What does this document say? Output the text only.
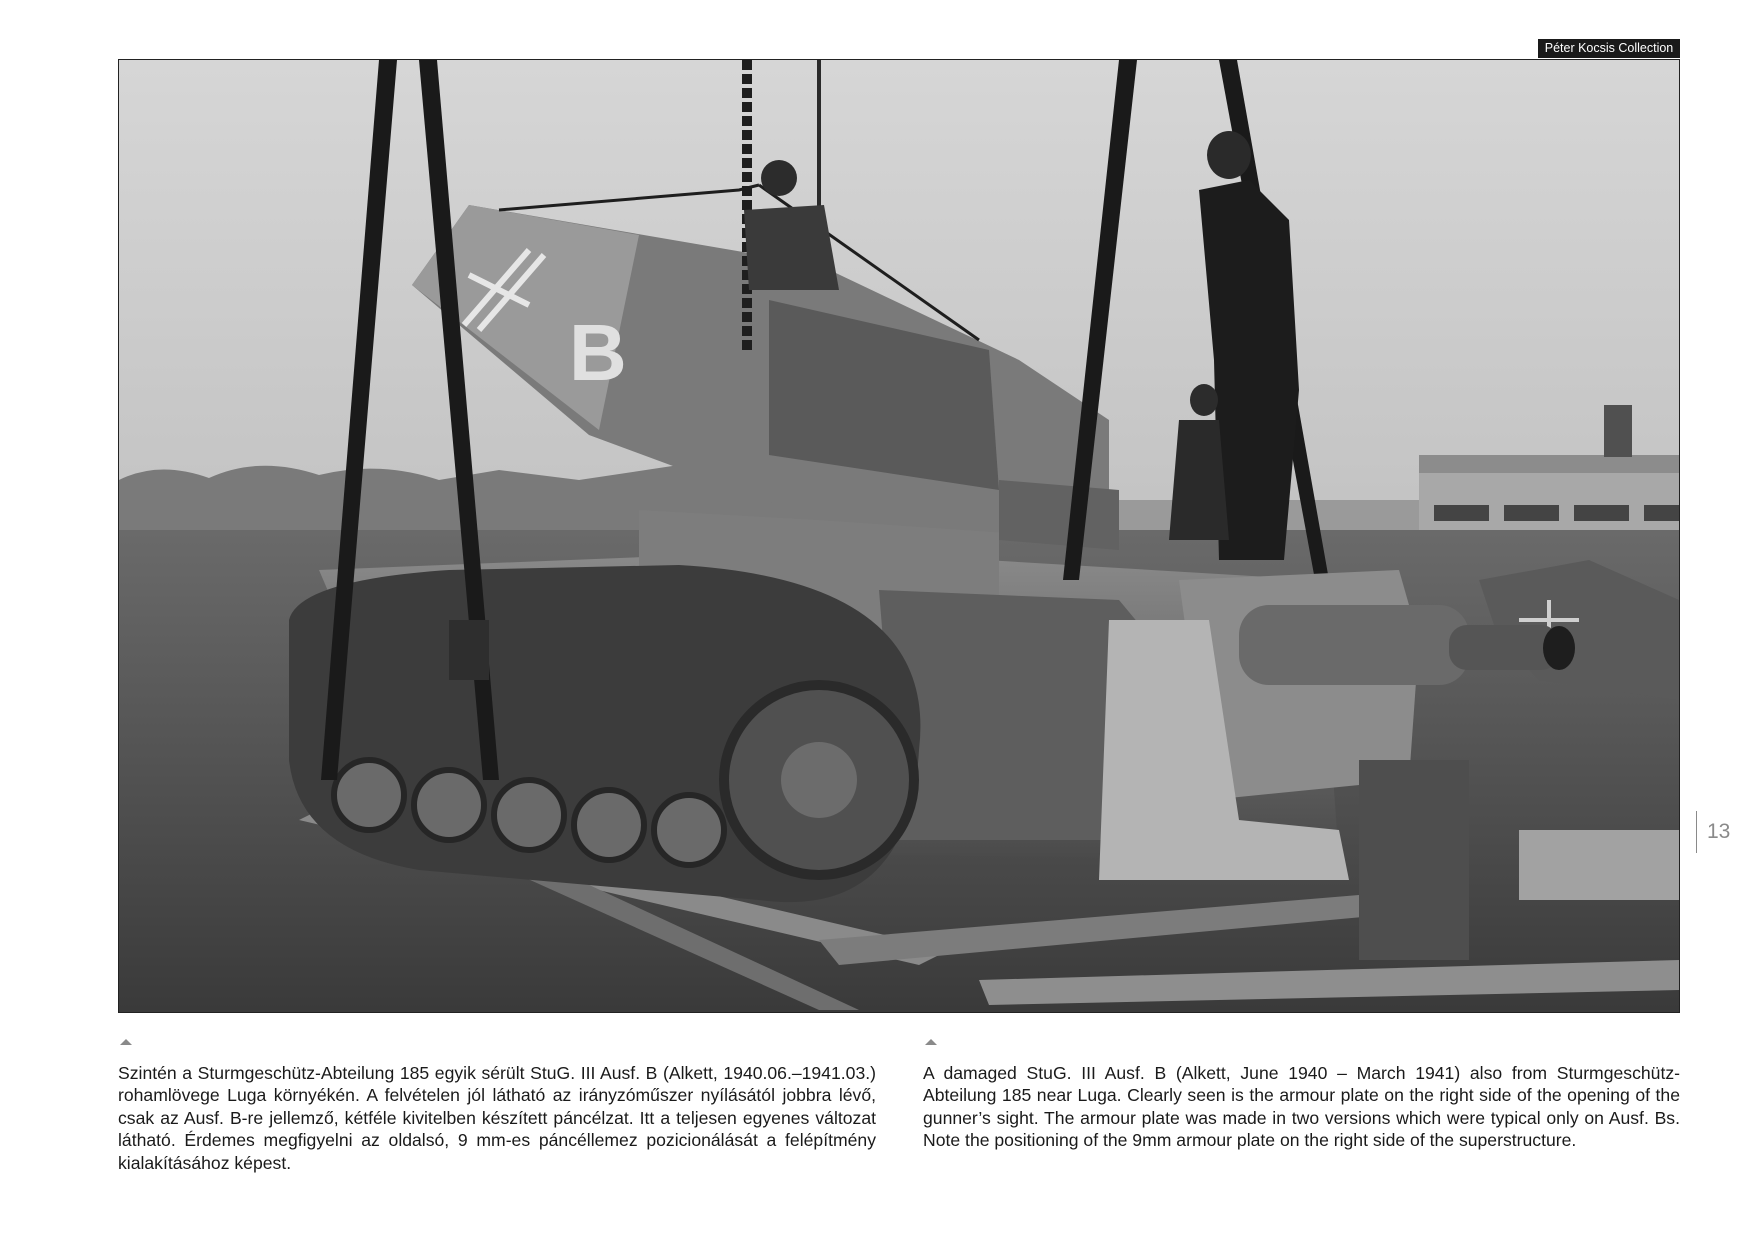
Péter Kocsis Collection
B
13

Szintén a Sturmgeschütz-Abteilung 185 egyik sérült StuG. III Ausf. B (Alkett, 1940.06.–1941.03.) rohamlövege Luga környékén. A felvételen jól látható az irányzóműszer nyílásától jobbra lévő, csak az Ausf. B-re jellemző, kétféle kivitelben készített páncélzat. Itt a teljesen egyenes változat látható. Érdemes megfigyelni az oldalsó, 9 mm-es páncéllemez pozicionálását a felépítmény kialakításához képest.

A damaged StuG. III Ausf. B (Alkett, June 1940 – March 1941) also from Sturmgeschütz-Abteilung 185 near Luga. Clearly seen is the armour plate on the right side of the opening of the gunner’s sight. The armour plate was made in two versions which were typical only on Ausf. Bs. Note the positioning of the 9mm armour plate on the right side of the superstructure.
